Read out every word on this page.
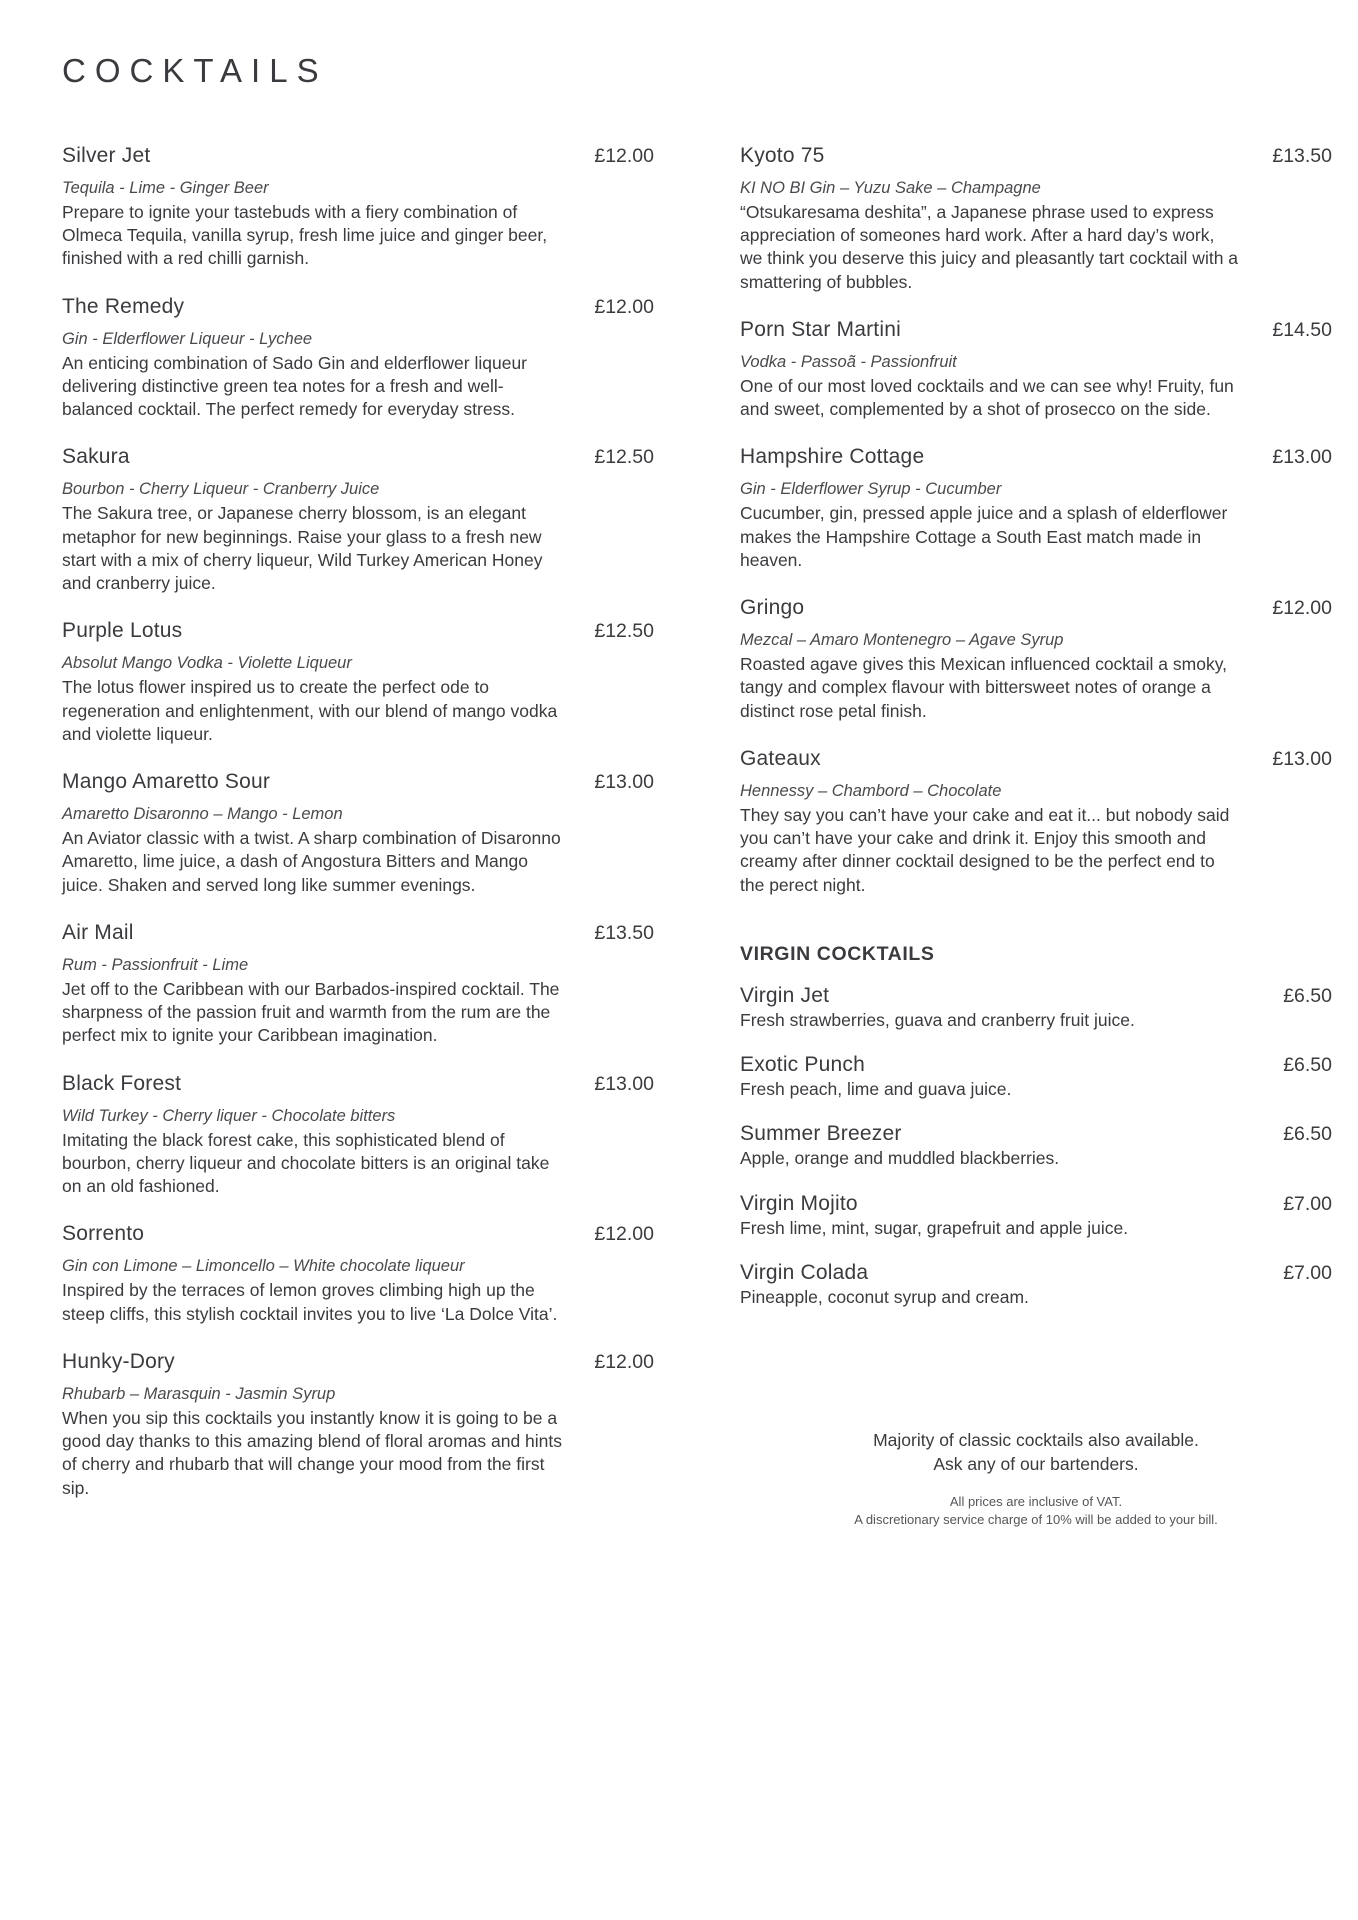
COCKTAILS
Silver Jet	£12.00

Tequila - Lime - Ginger Beer

Prepare to ignite your tastebuds with a fiery combination of Olmeca Tequila, vanilla syrup, fresh lime juice and ginger beer, finished with a red chilli garnish.

The Remedy	£12.00

Gin - Elderflower Liqueur - Lychee

An enticing combination of Sado Gin and elderflower liqueur delivering distinctive green tea notes for a fresh and well-balanced cocktail. The perfect remedy for everyday stress.

Sakura	£12.50

Bourbon - Cherry Liqueur - Cranberry Juice

The Sakura tree, or Japanese cherry blossom, is an elegant metaphor for new beginnings. Raise your glass to a fresh new start with a mix of cherry liqueur, Wild Turkey American Honey and cranberry juice.

Purple Lotus	£12.50

Absolut Mango Vodka - Violette Liqueur

The lotus flower inspired us to create the perfect ode to regeneration and enlightenment, with our blend of mango vodka and violette liqueur.

Mango Amaretto Sour	£13.00

Amaretto Disaronno – Mango - Lemon

An Aviator classic with a twist. A sharp combination of Disaronno Amaretto, lime juice, a dash of Angostura Bitters and Mango juice. Shaken and served long like summer evenings.

Air Mail	£13.50

Rum - Passionfruit - Lime

Jet off to the Caribbean with our Barbados-inspired cocktail. The sharpness of the passion fruit and warmth from the rum are the perfect mix to ignite your Caribbean imagination.

Black Forest	£13.00

Wild Turkey - Cherry liquer - Chocolate bitters

Imitating the black forest cake, this sophisticated blend of bourbon, cherry liqueur and chocolate bitters is an original take on an old fashioned.

Sorrento	£12.00

Gin con Limone – Limoncello – White chocolate liqueur

Inspired by the terraces of lemon groves climbing high up the steep cliffs, this stylish cocktail invites you to live ‘La Dolce Vita’.

Hunky-Dory	£12.00

Rhubarb – Marasquin - Jasmin Syrup

When you sip this cocktails you instantly know it is going to be a good day thanks to this amazing blend of floral aromas and hints of cherry and rhubarb that will change your mood from the first sip.

Kyoto 75	£13.50

KI NO BI Gin – Yuzu Sake – Champagne

“Otsukaresama deshita”, a Japanese phrase used to express appreciation of someones hard work. After a hard day’s work, we think you deserve this juicy and pleasantly tart cocktail with a smattering of bubbles.

Porn Star Martini	£14.50

Vodka - Passoã - Passionfruit

One of our most loved cocktails and we can see why! Fruity, fun and sweet, complemented by a shot of prosecco on the side.

Hampshire Cottage	£13.00

Gin - Elderflower Syrup - Cucumber

Cucumber, gin, pressed apple juice and a splash of elderflower makes the Hampshire Cottage a South East match made in heaven.

Gringo	£12.00

Mezcal – Amaro Montenegro – Agave Syrup

Roasted agave gives this Mexican influenced cocktail a smoky, tangy and complex flavour with bittersweet notes of orange a distinct rose petal finish.

Gateaux	£13.00

Hennessy – Chambord – Chocolate

They say you can’t have your cake and eat it... but nobody said you can’t have your cake and drink it. Enjoy this smooth and creamy after dinner cocktail designed to be the perfect end to the perect night.

VIRGIN COCKTAILS
Virgin Jet	£6.50

Fresh strawberries, guava and cranberry fruit juice.

Exotic Punch	£6.50

Fresh peach, lime and guava juice.

Summer Breezer	£6.50

Apple, orange and muddled blackberries.

Virgin Mojito	£7.00

Fresh lime, mint, sugar, grapefruit and apple juice.

Virgin Colada	£7.00

Pineapple, coconut syrup and cream.

Majority of classic cocktails also available.

Ask any of our bartenders.

All prices are inclusive of VAT.
A discretionary service charge of 10% will be added to your bill.
